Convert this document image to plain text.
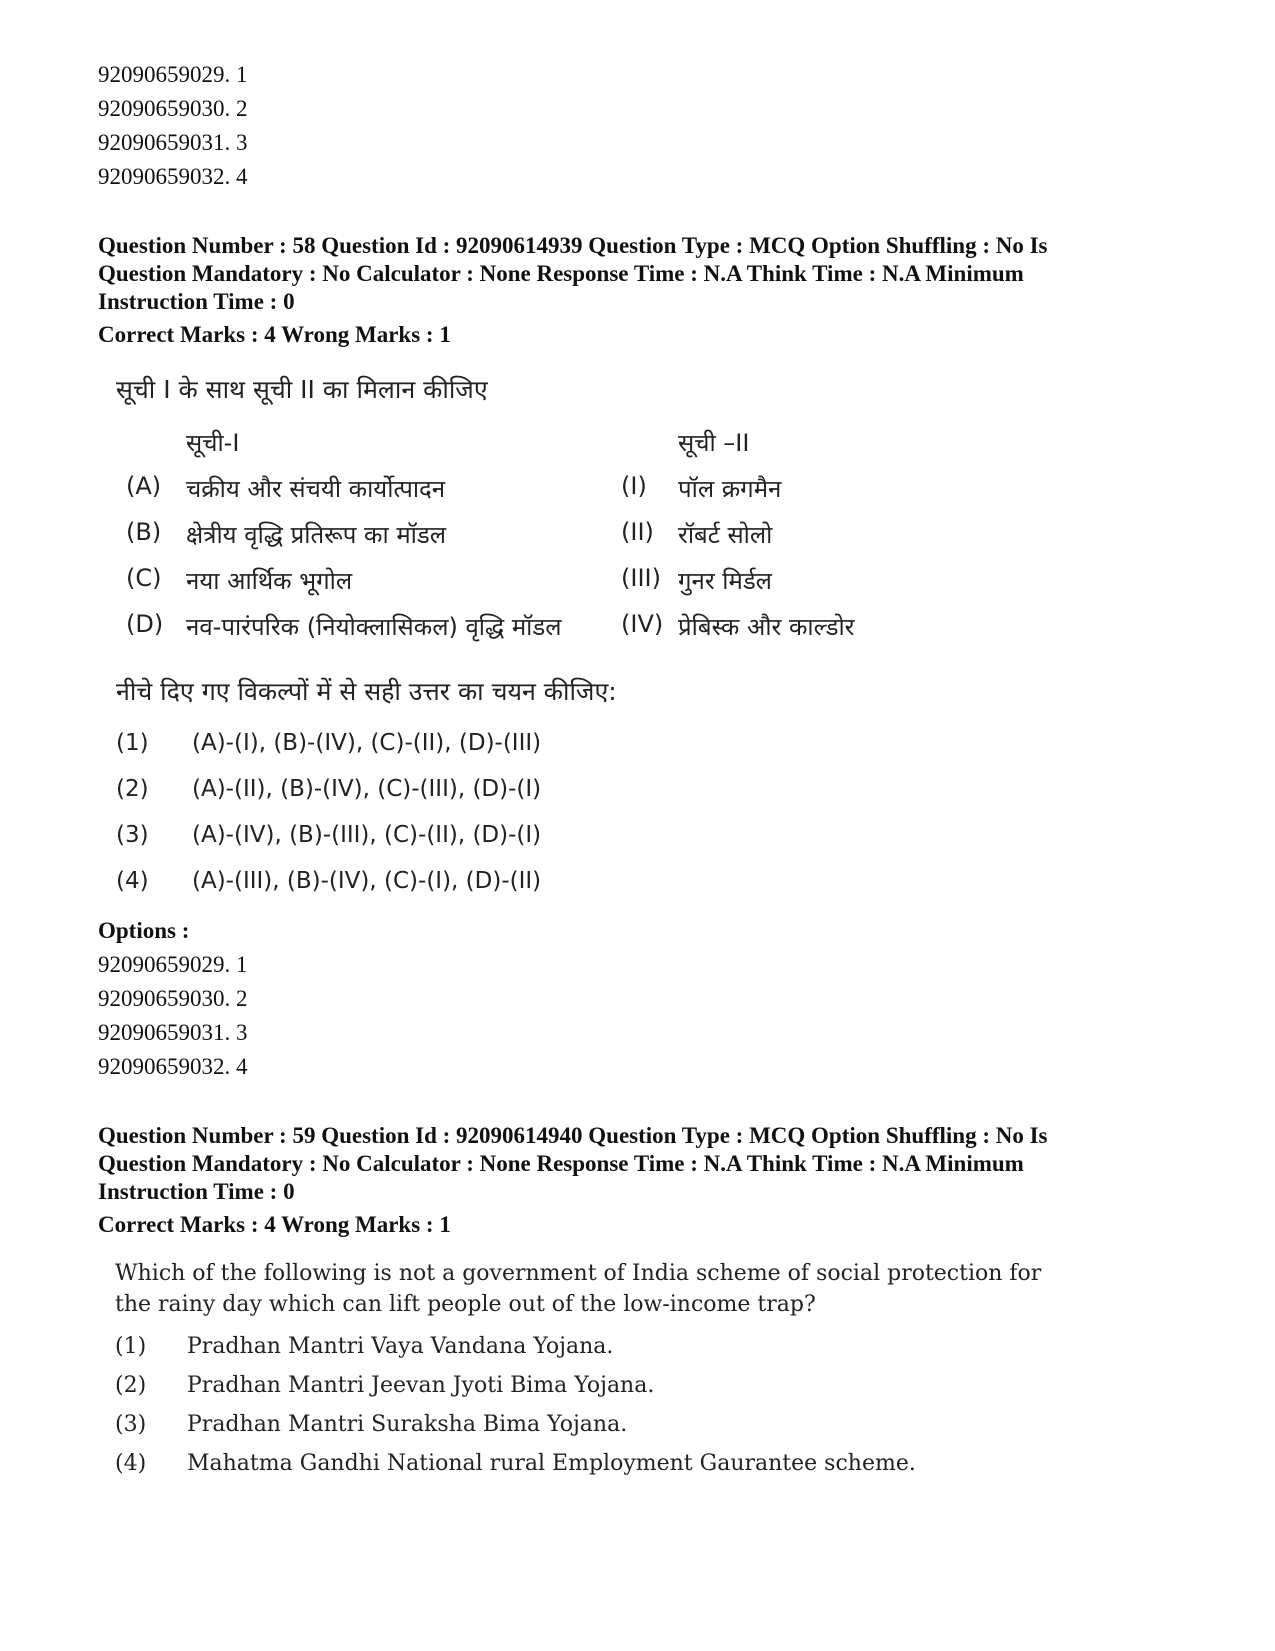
92090659029. 1
92090659030. 2
92090659031. 3
92090659032. 4
Question Number : 58 Question Id : 92090614939 Question Type : MCQ Option Shuffling : No Is Question Mandatory : No Calculator : None Response Time : N.A Think Time : N.A Minimum Instruction Time : 0
Correct Marks : 4 Wrong Marks : 1
सूची I के साथ सूची II का मिलान कीजिए
सूची-I	सूची –II
(A) चक्रीय और संचयी कार्योत्पादन	(I) पॉल क्रगमैन
(B) क्षेत्रीय वृद्धि प्रतिरूप का मॉडल	(II) रॉबर्ट सोलो
(C) नया आर्थिक भूगोल	(III) गुनर मिर्डल
(D) नव-पारंपरिक (नियोक्लासिकल) वृद्धि मॉडल (IV) प्रेबिस्क और काल्डोर
नीचे दिए गए विकल्पों में से सही उत्तर का चयन कीजिए:
(1) (A)-(I), (B)-(IV), (C)-(II), (D)-(III)
(2) (A)-(II), (B)-(IV), (C)-(III), (D)-(I)
(3) (A)-(IV), (B)-(III), (C)-(II), (D)-(I)
(4) (A)-(III), (B)-(IV), (C)-(I), (D)-(II)
Options :
92090659029. 1
92090659030. 2
92090659031. 3
92090659032. 4
Question Number : 59 Question Id : 92090614940 Question Type : MCQ Option Shuffling : No Is Question Mandatory : No Calculator : None Response Time : N.A Think Time : N.A Minimum Instruction Time : 0
Correct Marks : 4 Wrong Marks : 1
Which of the following is not a government of India scheme of social protection for the rainy day which can lift people out of the low-income trap?
(1) Pradhan Mantri Vaya Vandana Yojana.
(2) Pradhan Mantri Jeevan Jyoti Bima Yojana.
(3) Pradhan Mantri Suraksha Bima Yojana.
(4) Mahatma Gandhi National rural Employment Gaurantee scheme.
